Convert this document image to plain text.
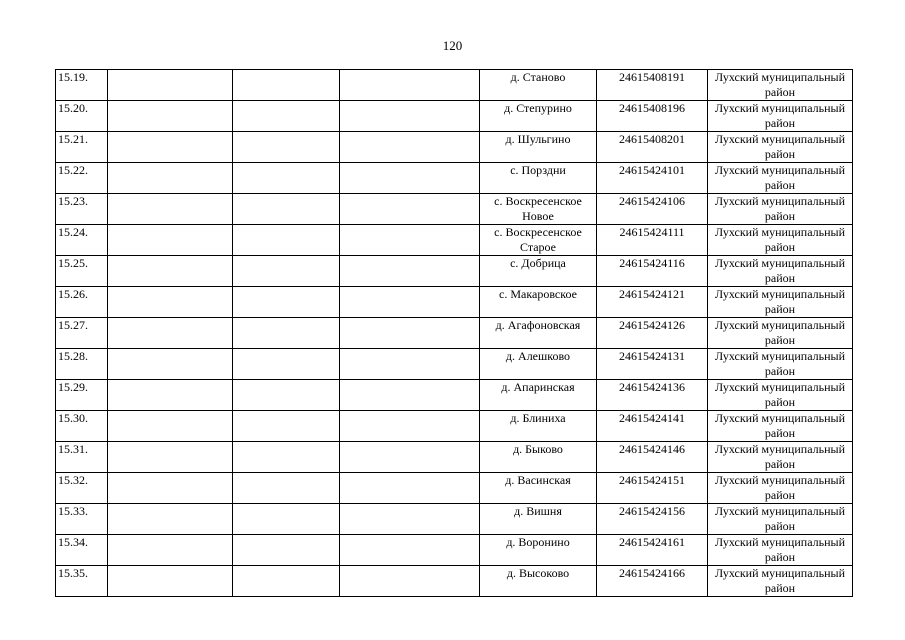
120
15.19.				д. Станово	24615408191	Лухский муниципальный район
15.20.				д. Степурино	24615408196	Лухский муниципальный район
15.21.				д. Шульгино	24615408201	Лухский муниципальный район
15.22.				с. Порздни	24615424101	Лухский муниципальный район
15.23.				с. Воскресенское Новое	24615424106	Лухский муниципальный район
15.24.				с. Воскресенское Старое	24615424111	Лухский муниципальный район
15.25.				с. Добрица	24615424116	Лухский муниципальный район
15.26.				с. Макаровское	24615424121	Лухский муниципальный район
15.27.				д. Агафоновская	24615424126	Лухский муниципальный район
15.28.				д. Алешково	24615424131	Лухский муниципальный район
15.29.				д. Апаринская	24615424136	Лухский муниципальный район
15.30.				д. Блиниха	24615424141	Лухский муниципальный район
15.31.				д. Быково	24615424146	Лухский муниципальный район
15.32.				д. Васинская	24615424151	Лухский муниципальный район
15.33.				д. Вишня	24615424156	Лухский муниципальный район
15.34.				д. Воронино	24615424161	Лухский муниципальный район
15.35.				д. Высоково	24615424166	Лухский муниципальный район
